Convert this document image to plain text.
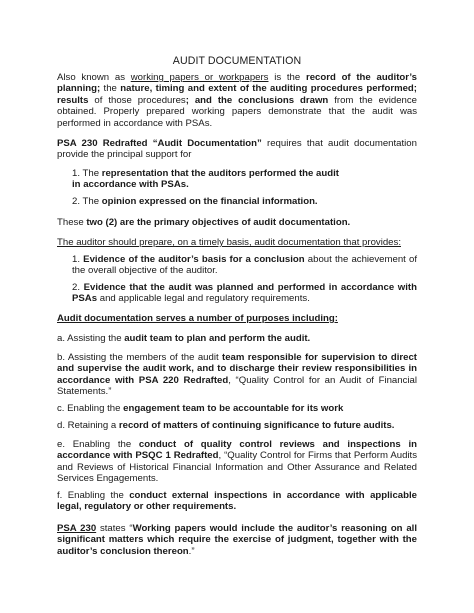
AUDIT DOCUMENTATION

Also known as working papers or workpapers is the record of the auditor’s planning; the nature, timing and extent of the auditing procedures performed; results of those procedures; and the conclusions drawn from the evidence obtained. Properly prepared working papers demonstrate that the audit was performed in accordance with PSAs.

PSA 230 Redrafted “Audit Documentation” requires that audit documentation provide the principal support for

1. The representation that the auditors performed the audit
in accordance with PSAs.

2. The opinion expressed on the financial information.

These two (2) are the primary objectives of audit documentation.

The auditor should prepare, on a timely basis, audit documentation that provides:

1. Evidence of the auditor’s basis for a conclusion about the achievement of the overall objective of the auditor.

2. Evidence that the audit was planned and performed in accordance with PSAs and applicable legal and regulatory requirements.

Audit documentation serves a number of purposes including:

a. Assisting the audit team to plan and perform the audit.

b. Assisting the members of the audit team responsible for supervision to direct and supervise the audit work, and to discharge their review responsibilities in accordance with PSA 220 Redrafted, “Quality Control for an Audit of Financial Statements.”

c. Enabling the engagement team to be accountable for its work

d. Retaining a record of matters of continuing significance to future audits.

e. Enabling the conduct of quality control reviews and inspections in accordance with PSQC 1 Redrafted, “Quality Control for Firms that Perform Audits and Reviews of Historical Financial Information and Other Assurance and Related Services Engagements.

f. Enabling the conduct external inspections in accordance with applicable legal, regulatory or other requirements.

PSA 230 states “Working papers would include the auditor’s reasoning on all significant matters which require the exercise of judgment, together with the auditor’s conclusion thereon.”
